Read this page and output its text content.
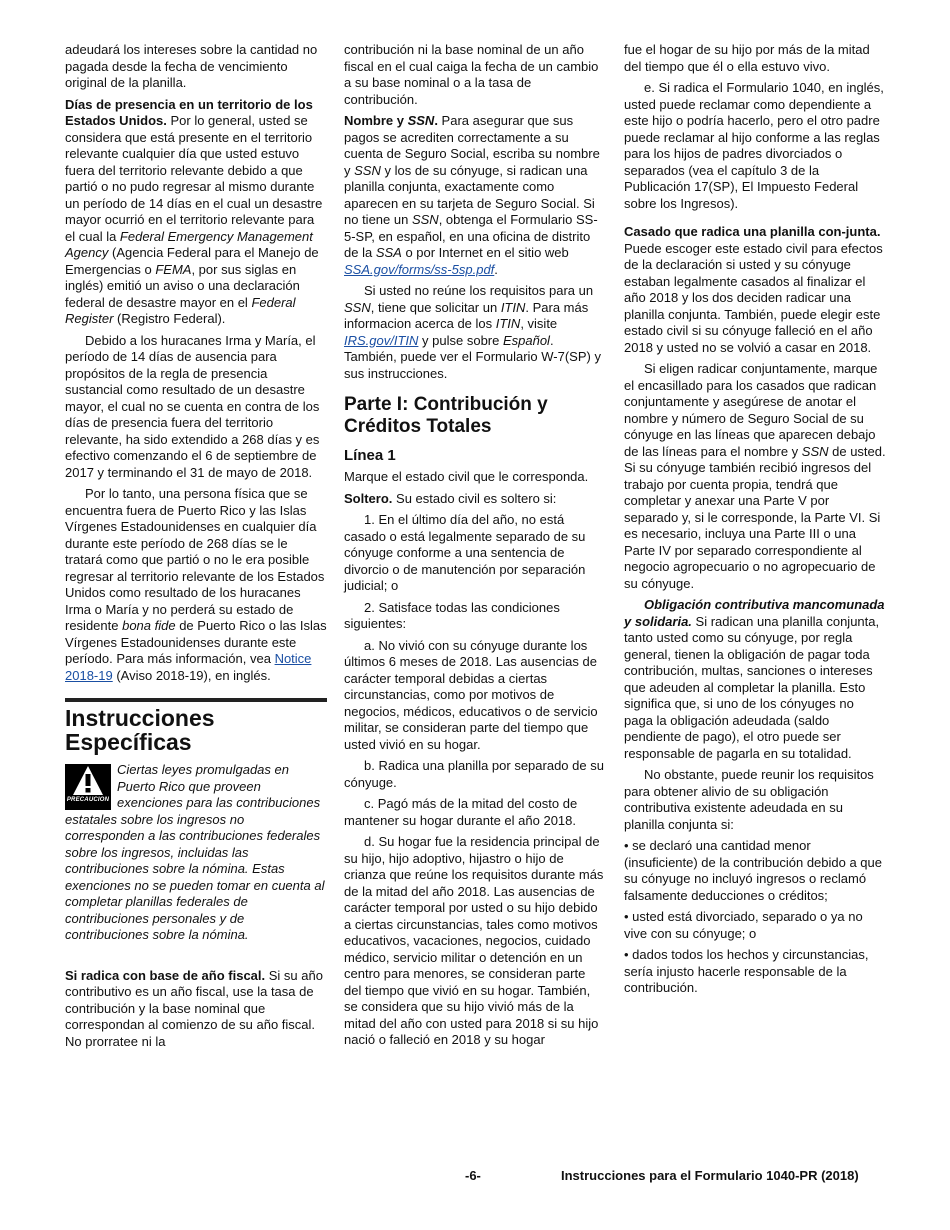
adeudará los intereses sobre la cantidad no pagada desde la fecha de vencimiento original de la planilla.

Días de presencia en un territorio de los Estados Unidos. Por lo general, usted se considera que está presente en el territorio relevante cualquier día que usted estuvo fuera del territorio relevante debido a que partió o no pudo regresar al mismo durante un período de 14 días en el cual un desastre mayor ocurrió en el territorio relevante para el cual la Federal Emergency Management Agency (Agencia Federal para el Manejo de Emergencias o FEMA, por sus siglas en inglés) emitió un aviso o una declaración federal de desastre mayor en el Federal Register (Registro Federal).

Debido a los huracanes Irma y María, el período de 14 días de ausencia para propósitos de la regla de presencia sustancial como resultado de un desastre mayor, el cual no se cuenta en contra de los días de presencia fuera del territorio relevante, ha sido extendido a 268 días y es efectivo comenzando el 6 de septiembre de 2017 y terminando el 31 de mayo de 2018.

Por lo tanto, una persona física que se encuentra fuera de Puerto Rico y las Islas Vírgenes Estadounidenses en cualquier día durante este período de 268 días se le tratará como que partió o no le era posible regresar al territorio relevante de los Estados Unidos como resultado de los huracanes Irma o María y no perderá su estado de residente bona fide de Puerto Rico o las Islas Vírgenes Estadounidenses durante este período. Para más información, vea Notice 2018-19 (Aviso 2018-19), en inglés.

Instrucciones Específicas
PRECAUCION
Ciertas leyes promulgadas en Puerto Rico que proveen exenciones para las contribuciones estatales sobre los ingresos no corresponden a las contribuciones federales sobre los ingresos, incluidas las contribuciones sobre la nómina. Estas exenciones no se pueden tomar en cuenta al completar planillas federales de contribuciones personales y de contribuciones sobre la nómina.

Si radica con base de año fiscal. Si su año contributivo es un año fiscal, use la tasa de contribución y la base nominal que correspondan al comienzo de su año fiscal. No prorratee ni la

contribución ni la base nominal de un año fiscal en el cual caiga la fecha de un cambio a su base nominal o a la tasa de contribución.

Nombre y SSN. Para asegurar que sus pagos se acrediten correctamente a su cuenta de Seguro Social, escriba su nombre y SSN y los de su cónyuge, si radican una planilla conjunta, exactamente como aparecen en su tarjeta de Seguro Social. Si no tiene un SSN, obtenga el Formulario SS-5-SP, en español, en una oficina de distrito de la SSA o por Internet en el sitio web SSA.gov/forms/ss-5sp.pdf.

Si usted no reúne los requisitos para un SSN, tiene que solicitar un ITIN. Para más informacion acerca de los ITIN, visite IRS.gov/ITIN y pulse sobre Español. También, puede ver el Formulario W-7(SP) y sus instrucciones.

Parte I: Contribución y Créditos Totales
Línea 1

Marque el estado civil que le corresponda.

Soltero. Su estado civil es soltero si:

1. En el último día del año, no está casado o está legalmente separado de su cónyuge conforme a una sentencia de divorcio o de manutención por separación judicial; o

2. Satisface todas las condiciones siguientes:

a. No vivió con su cónyuge durante los últimos 6 meses de 2018. Las ausencias de carácter temporal debidas a ciertas circunstancias, como por motivos de negocios, médicos, educativos o de servicio militar, se consideran parte del tiempo que usted vivió en su hogar.

b. Radica una planilla por separado de su cónyuge.

c. Pagó más de la mitad del costo de mantener su hogar durante el año 2018.

d. Su hogar fue la residencia principal de su hijo, hijo adoptivo, hijastro o hijo de crianza que reúne los requisitos durante más de la mitad del año 2018. Las ausencias de carácter temporal por usted o su hijo debido a ciertas circunstancias, tales como motivos educativos, vacaciones, negocios, cuidado médico, servicio militar o detención en un centro para menores, se consideran parte del tiempo que vivió en su hogar. También, se considera que su hijo vivió más de la mitad del año con usted para 2018 si su hijo nació o falleció en 2018 y su hogar

fue el hogar de su hijo por más de la mitad del tiempo que él o ella estuvo vivo.

e. Si radica el Formulario 1040, en inglés, usted puede reclamar como dependiente a este hijo o podría hacerlo, pero el otro padre puede reclamar al hijo conforme a las reglas para los hijos de padres divorciados o separados (vea el capítulo 3 de la Publicación 17(SP), El Impuesto Federal sobre los Ingresos).

Casado que radica una planilla con-junta. Puede escoger este estado civil para efectos de la declaración si usted y su cónyuge estaban legalmente casados al finalizar el año 2018 y los dos deciden radicar una planilla conjunta. También, puede elegir este estado civil si su cónyuge falleció en el año 2018 y usted no se volvió a casar en 2018.

Si eligen radicar conjuntamente, marque el encasillado para los casados que radican conjuntamente y asegúrese de anotar el nombre y número de Seguro Social de su cónyuge en las líneas que aparecen debajo de las líneas para el nombre y SSN de usted. Si su cónyuge también recibió ingresos del trabajo por cuenta propia, tendrá que completar y anexar una Parte V por separado y, si le corresponde, la Parte VI. Si es necesario, incluya una Parte III o una Parte IV por separado correspondiente al negocio agropecuario o no agropecuario de su cónyuge.

Obligación contributiva mancomunada y solidaria. Si radican una planilla conjunta, tanto usted como su cónyuge, por regla general, tienen la obligación de pagar toda contribución, multas, sanciones o intereses que adeuden al completar la planilla. Esto significa que, si uno de los cónyuges no paga la obligación adeudada (saldo pendiente de pago), el otro puede ser responsable de pagarla en su totalidad.

No obstante, puede reunir los requisitos para obtener alivio de su obligación contributiva existente adeudada en su planilla conjunta si:

• se declaró una cantidad menor (insuficiente) de la contribución debido a que su cónyuge no incluyó ingresos o reclamó falsamente deducciones o créditos;

• usted está divorciado, separado o ya no vive con su cónyuge; o

• dados todos los hechos y circunstancias, sería injusto hacerle responsable de la contribución.

-6-	Instrucciones para el Formulario 1040-PR (2018)
